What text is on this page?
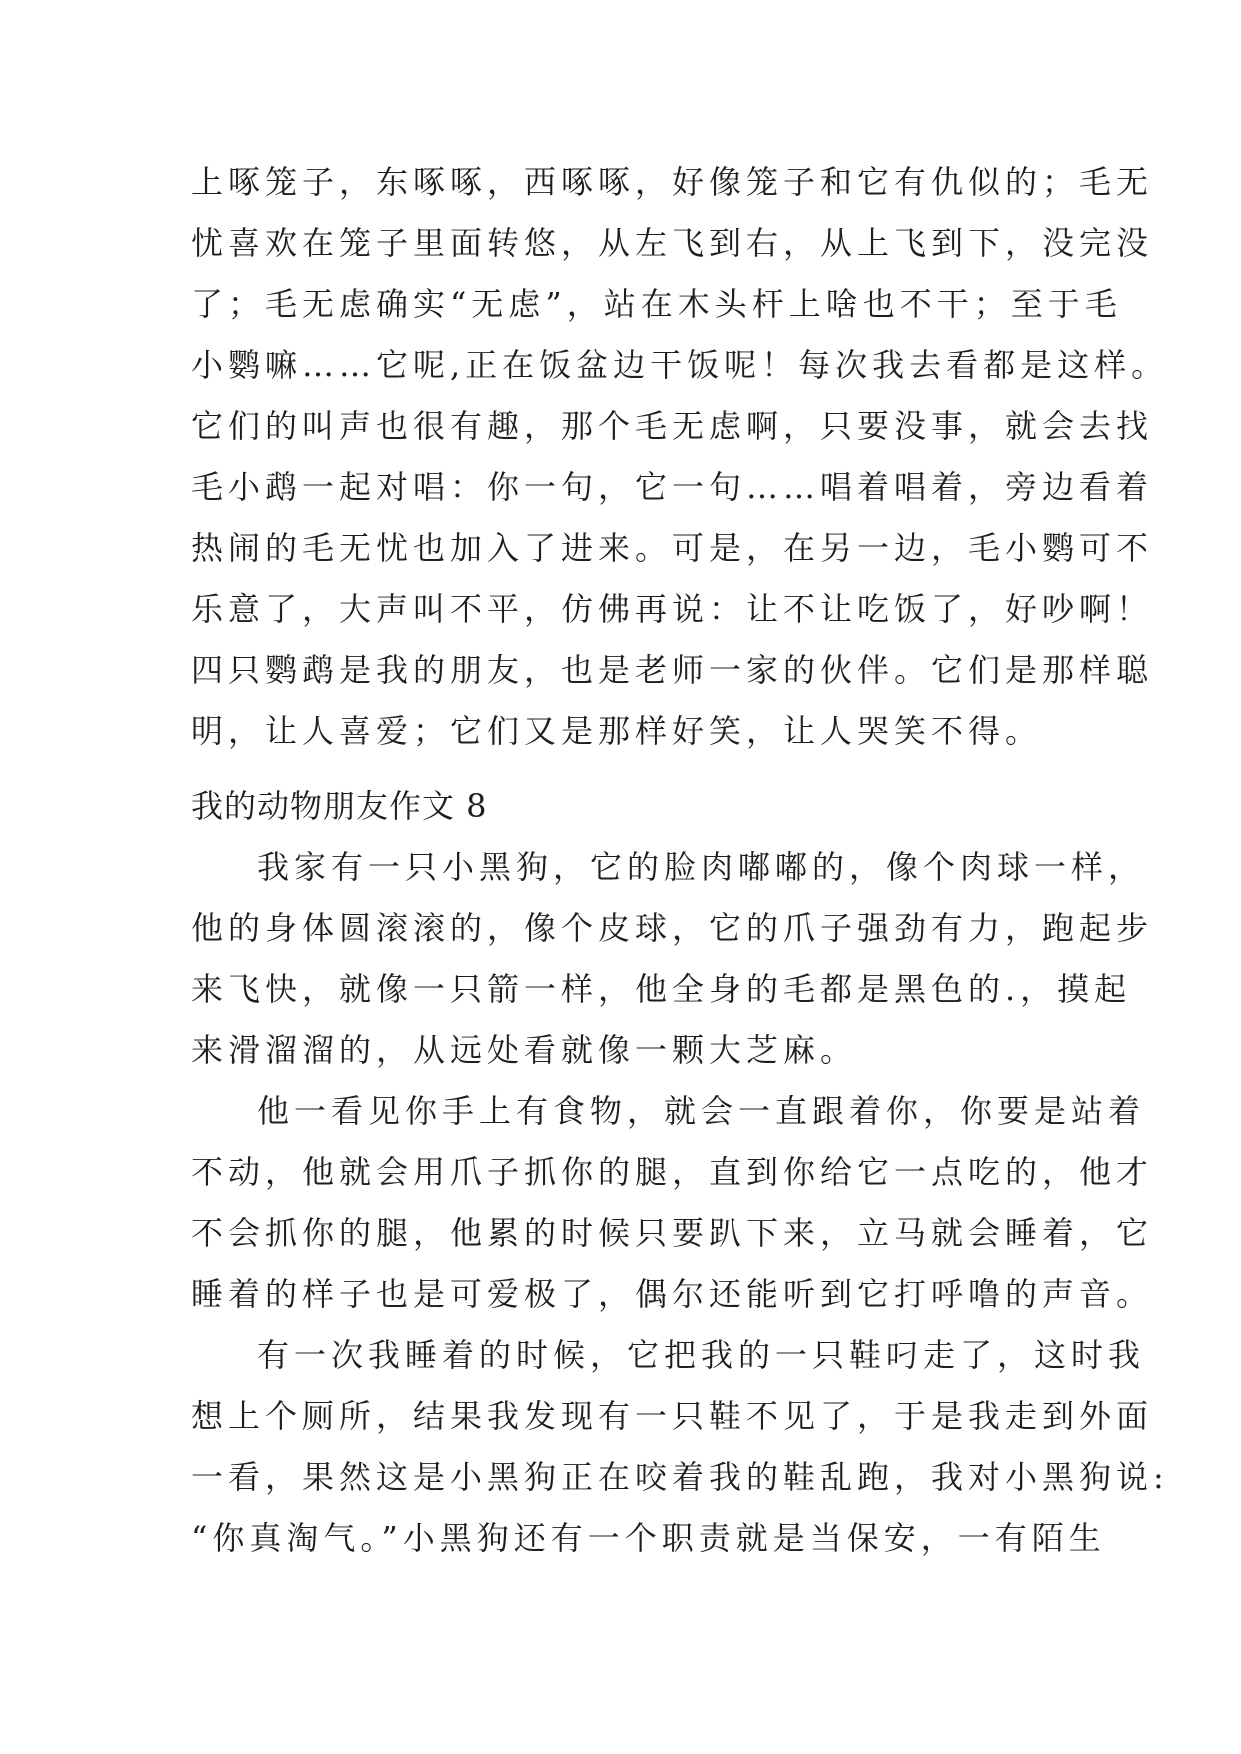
上啄笼子，东啄啄，西啄啄，好像笼子和它有仇似的；毛无
忧喜欢在笼子里面转悠，从左飞到右，从上飞到下，没完没
了；毛无虑确实“无虑”，站在木头杆上啥也不干；至于毛
小鹦嘛……它呢,正在饭盆边干饭呢！每次我去看都是这样。
它们的叫声也很有趣，那个毛无虑啊，只要没事，就会去找
毛小鹉一起对唱：你一句，它一句……唱着唱着，旁边看着
热闹的毛无忧也加入了进来。可是，在另一边，毛小鹦可不
乐意了，大声叫不平，仿佛再说：让不让吃饭了，好吵啊！
四只鹦鹉是我的朋友，也是老师一家的伙伴。它们是那样聪
明，让人喜爱；它们又是那样好笑，让人哭笑不得。
我的动物朋友作文 8
我家有一只小黑狗，它的脸肉嘟嘟的，像个肉球一样，
他的身体圆滚滚的，像个皮球，它的爪子强劲有力，跑起步
来飞快，就像一只箭一样，他全身的毛都是黑色的.，摸起
来滑溜溜的，从远处看就像一颗大芝麻。
他一看见你手上有食物，就会一直跟着你，你要是站着
不动，他就会用爪子抓你的腿，直到你给它一点吃的，他才
不会抓你的腿，他累的时候只要趴下来，立马就会睡着，它
睡着的样子也是可爱极了，偶尔还能听到它打呼噜的声音。
有一次我睡着的时候，它把我的一只鞋叼走了，这时我
想上个厕所，结果我发现有一只鞋不见了，于是我走到外面
一看，果然这是小黑狗正在咬着我的鞋乱跑，我对小黑狗说:
“你真淘气。”小黑狗还有一个职责就是当保安，一有陌生
